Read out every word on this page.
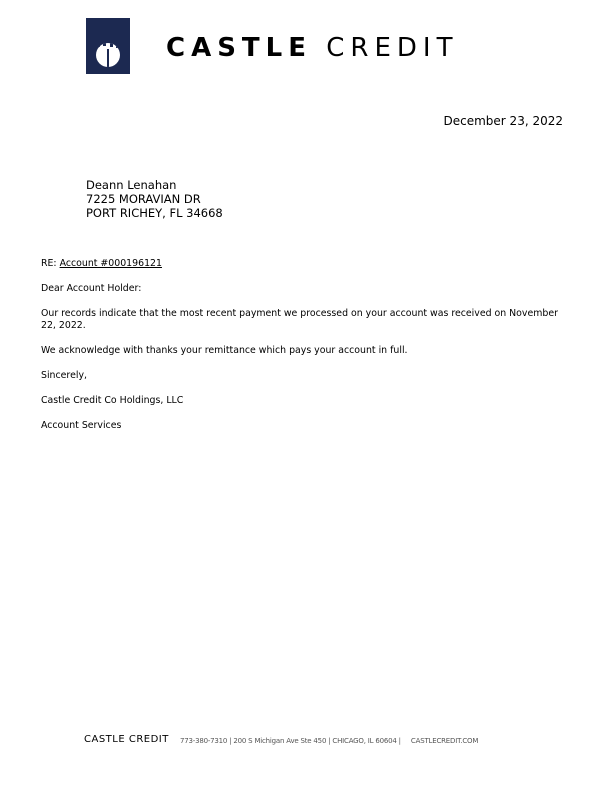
CASTLE CREDIT
December 23, 2022
Deann Lenahan
7225 MORAVIAN DR
PORT RICHEY, FL 34668

RE: Account #000196121

Dear Account Holder:

Our records indicate that the most recent payment we processed on your account was received on November 22, 2022.

We acknowledge with thanks your remittance which pays your account in full.

Sincerely,

Castle Credit Co Holdings, LLC

Account Services

CASTLE CREDIT 773-380-7310 | 200 S Michigan Ave Ste 450 | CHICAGO, IL 60604 |     CASTLECREDIT.COM
